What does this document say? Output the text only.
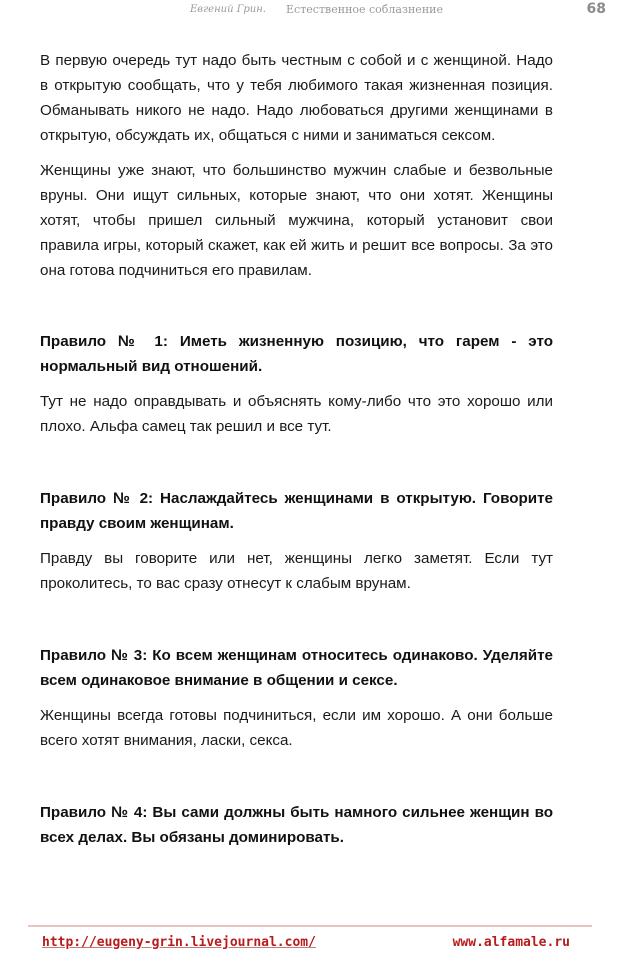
Евгений Грин. Естественное соблазнение	68

В первую очередь тут надо быть честным с собой и с женщиной. Надо в открытую сообщать, что у тебя любимого такая жизненная позиция. Обманывать никого не надо. Надо любоваться другими женщинами в открытую, обсуждать их, общаться с ними и заниматься сексом.

Женщины уже знают, что большинство мужчин слабые и безвольные вруны. Они ищут сильных, которые знают, что они хотят. Женщины хотят, чтобы пришел сильный мужчина, который установит свои правила игры, который скажет, как ей жить и решит все вопросы. За это она готова подчиниться его правилам.

Правило № 1: Иметь жизненную позицию, что гарем - это нормальный вид отношений.

Тут не надо оправдывать и объяснять кому-либо что это хорошо или плохо. Альфа самец так решил и все тут.

Правило № 2: Наслаждайтесь женщинами в открытую. Говорите правду своим женщинам.

Правду вы говорите или нет, женщины легко заметят. Если тут проколитесь, то вас сразу отнесут к слабым врунам.

Правило № 3: Ко всем женщинам относитесь одинаково. Уделяйте всем одинаковое внимание в общении и сексе.

Женщины всегда готовы подчиниться, если им хорошо. А они больше всего хотят внимания, ласки, секса.

Правило № 4: Вы сами должны быть намного сильнее женщин во всех делах. Вы обязаны доминировать.

http://eugeny-grin.livejournal.com/	www.alfamale.ru
